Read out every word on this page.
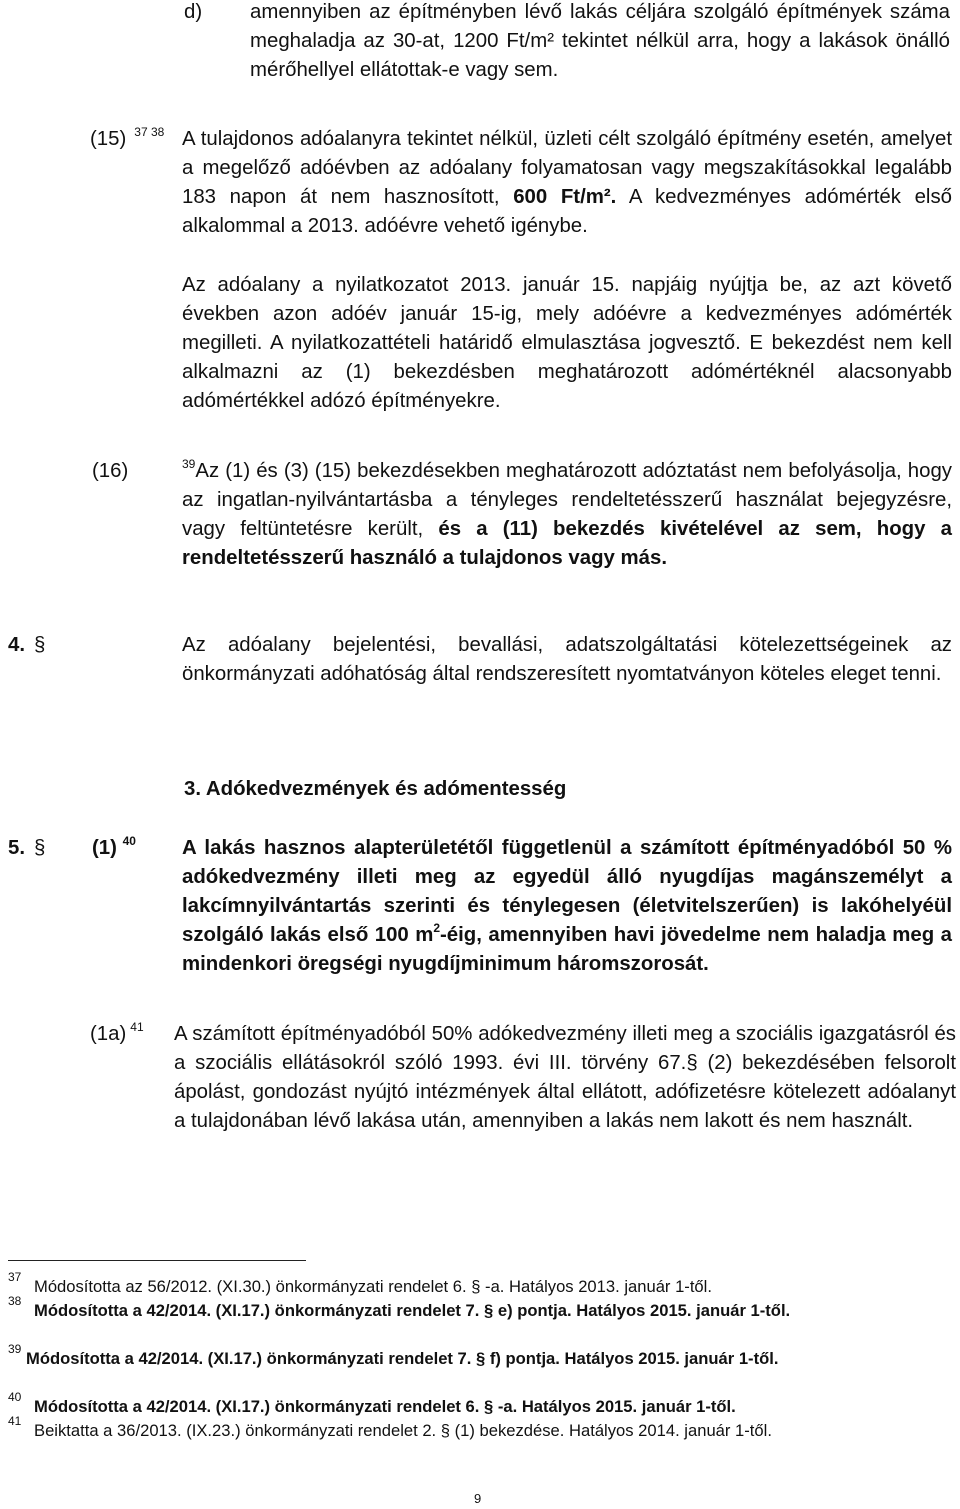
d) amennyiben az építményben lévő lakás céljára szolgáló építmények száma meghaladja az 30-at, 1200 Ft/m² tekintet nélkül arra, hogy a lakások önálló mérőhellyel ellátottak-e vagy sem.

(15) $^{37 38}$ A tulajdonos adóalanyra tekintet nélkül, üzleti célt szolgáló építmény esetén, amelyet a megelőző adóévben az adóalany folyamatosan vagy megszakításokkal legalább 183 napon át nem hasznosított, 600 Ft/m². A kedvezményes adómérték első alkalommal a 2013. adóévre vehető igénybe.

Az adóalany a nyilatkozatot 2013. január 15. napjáig nyújtja be, az azt követő években azon adóév január 15-ig, mely adóévre a kedvezményes adómérték megilleti. A nyilatkozattételi határidő elmulasztása jogvesztő. E bekezdést nem kell alkalmazni az (1) bekezdésben meghatározott adómértéknél alacsonyabb adómértékkel adózó építményekre.

(16)	$^{39}$Az (1) és (3) (15) bekezdésekben meghatározott adóztatást nem befolyásolja, hogy az ingatlan-nyilvántartásba a tényleges rendeltetésszerű használat bejegyzésre, vagy feltüntetésre került, és a (11) bekezdés kivételével az sem, hogy a rendeltetésszerű használó a tulajdonos vagy más.

4. §	Az adóalany bejelentési, bevallási, adatszolgáltatási kötelezettségeinek az önkormányzati adóhatóság által rendszeresített nyomtatványon köteles eleget tenni.

3. Adókedvezmények és adómentesség
5. § (1) $^{40}$ A lakás hasznos alapterületétől függetlenül a számított építményadóból 50 % adókedvezmény illeti meg az egyedül álló nyugdíjas magánszemélyt a lakcímnyilvántartás szerinti és ténylegesen (életvitelszerűen) is lakóhelyéül szolgáló lakás első 100 $m^2$-éig, amennyiben havi jövedelme nem haladja meg a mindenkori öregségi nyugdíjminimum háromszorosát.

(1a) $^{41}$ A számított építményadóból 50% adókedvezmény illeti meg a szociális igazgatásról és a szociális ellátásokról szóló 1993. évi III. törvény 67.§ (2) bekezdésében felsorolt ápolást, gondozást nyújtó intézmények által ellátott, adófizetésre kötelezett adóalanyt a tulajdonában lévő lakása után, amennyiben a lakás nem lakott és nem használt.

37 Módosította az 56/2012. (XI.30.) önkormányzati rendelet 6. § -a. Hatályos 2013. január 1-től.

38 Módosította a 42/2014. (XI.17.) önkormányzati rendelet 7. § e) pontja. Hatályos 2015. január 1-től.

39 Módosította a 42/2014. (XI.17.) önkormányzati rendelet 7. § f) pontja. Hatályos 2015. január 1-től.

40 Módosította a 42/2014. (XI.17.) önkormányzati rendelet 6. § -a. Hatályos 2015. január 1-től.

41 Beiktatta a 36/2013. (IX.23.) önkormányzati rendelet 2. § (1) bekezdése. Hatályos 2014. január 1-től.

9
